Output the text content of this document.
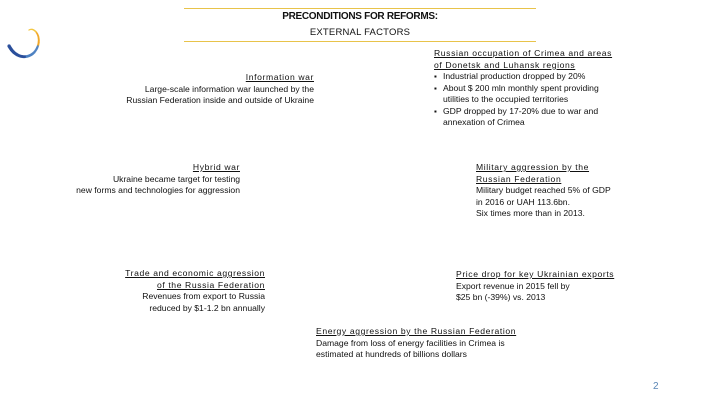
PRECONDITIONS FOR REFORMS:
EXTERNAL FACTORS
Information war
Large-scale information war launched by the
Russian Federation inside and outside of Ukraine
Hybrid war
Ukraine became target for testing
new forms and technologies for aggression
Trade and economic aggression
of the Russia Federation
Revenues from export to Russia
reduced by $1-1.2 bn annually
Russian occupation of Crimea and areas
of Donetsk and Luhansk regions
▪ Industrial production dropped by 20%
▪ About $ 200 mln monthly spent providing
utilities to the occupied territories
▪ GDP dropped by 17-20% due to war and
annexation of Crimea
Military aggression by the
Russian Federation
Military budget reached 5% of GDP
in 2016 or UAH 113.6bn.
Six times more than in 2013.
Price drop for key Ukrainian exports
Export revenue in 2015 fell by
$25 bn (-39%) vs. 2013
Energy aggression by the Russian Federation
Damage from loss of energy facilities in Crimea is
estimated at hundreds of billions dollars
2
